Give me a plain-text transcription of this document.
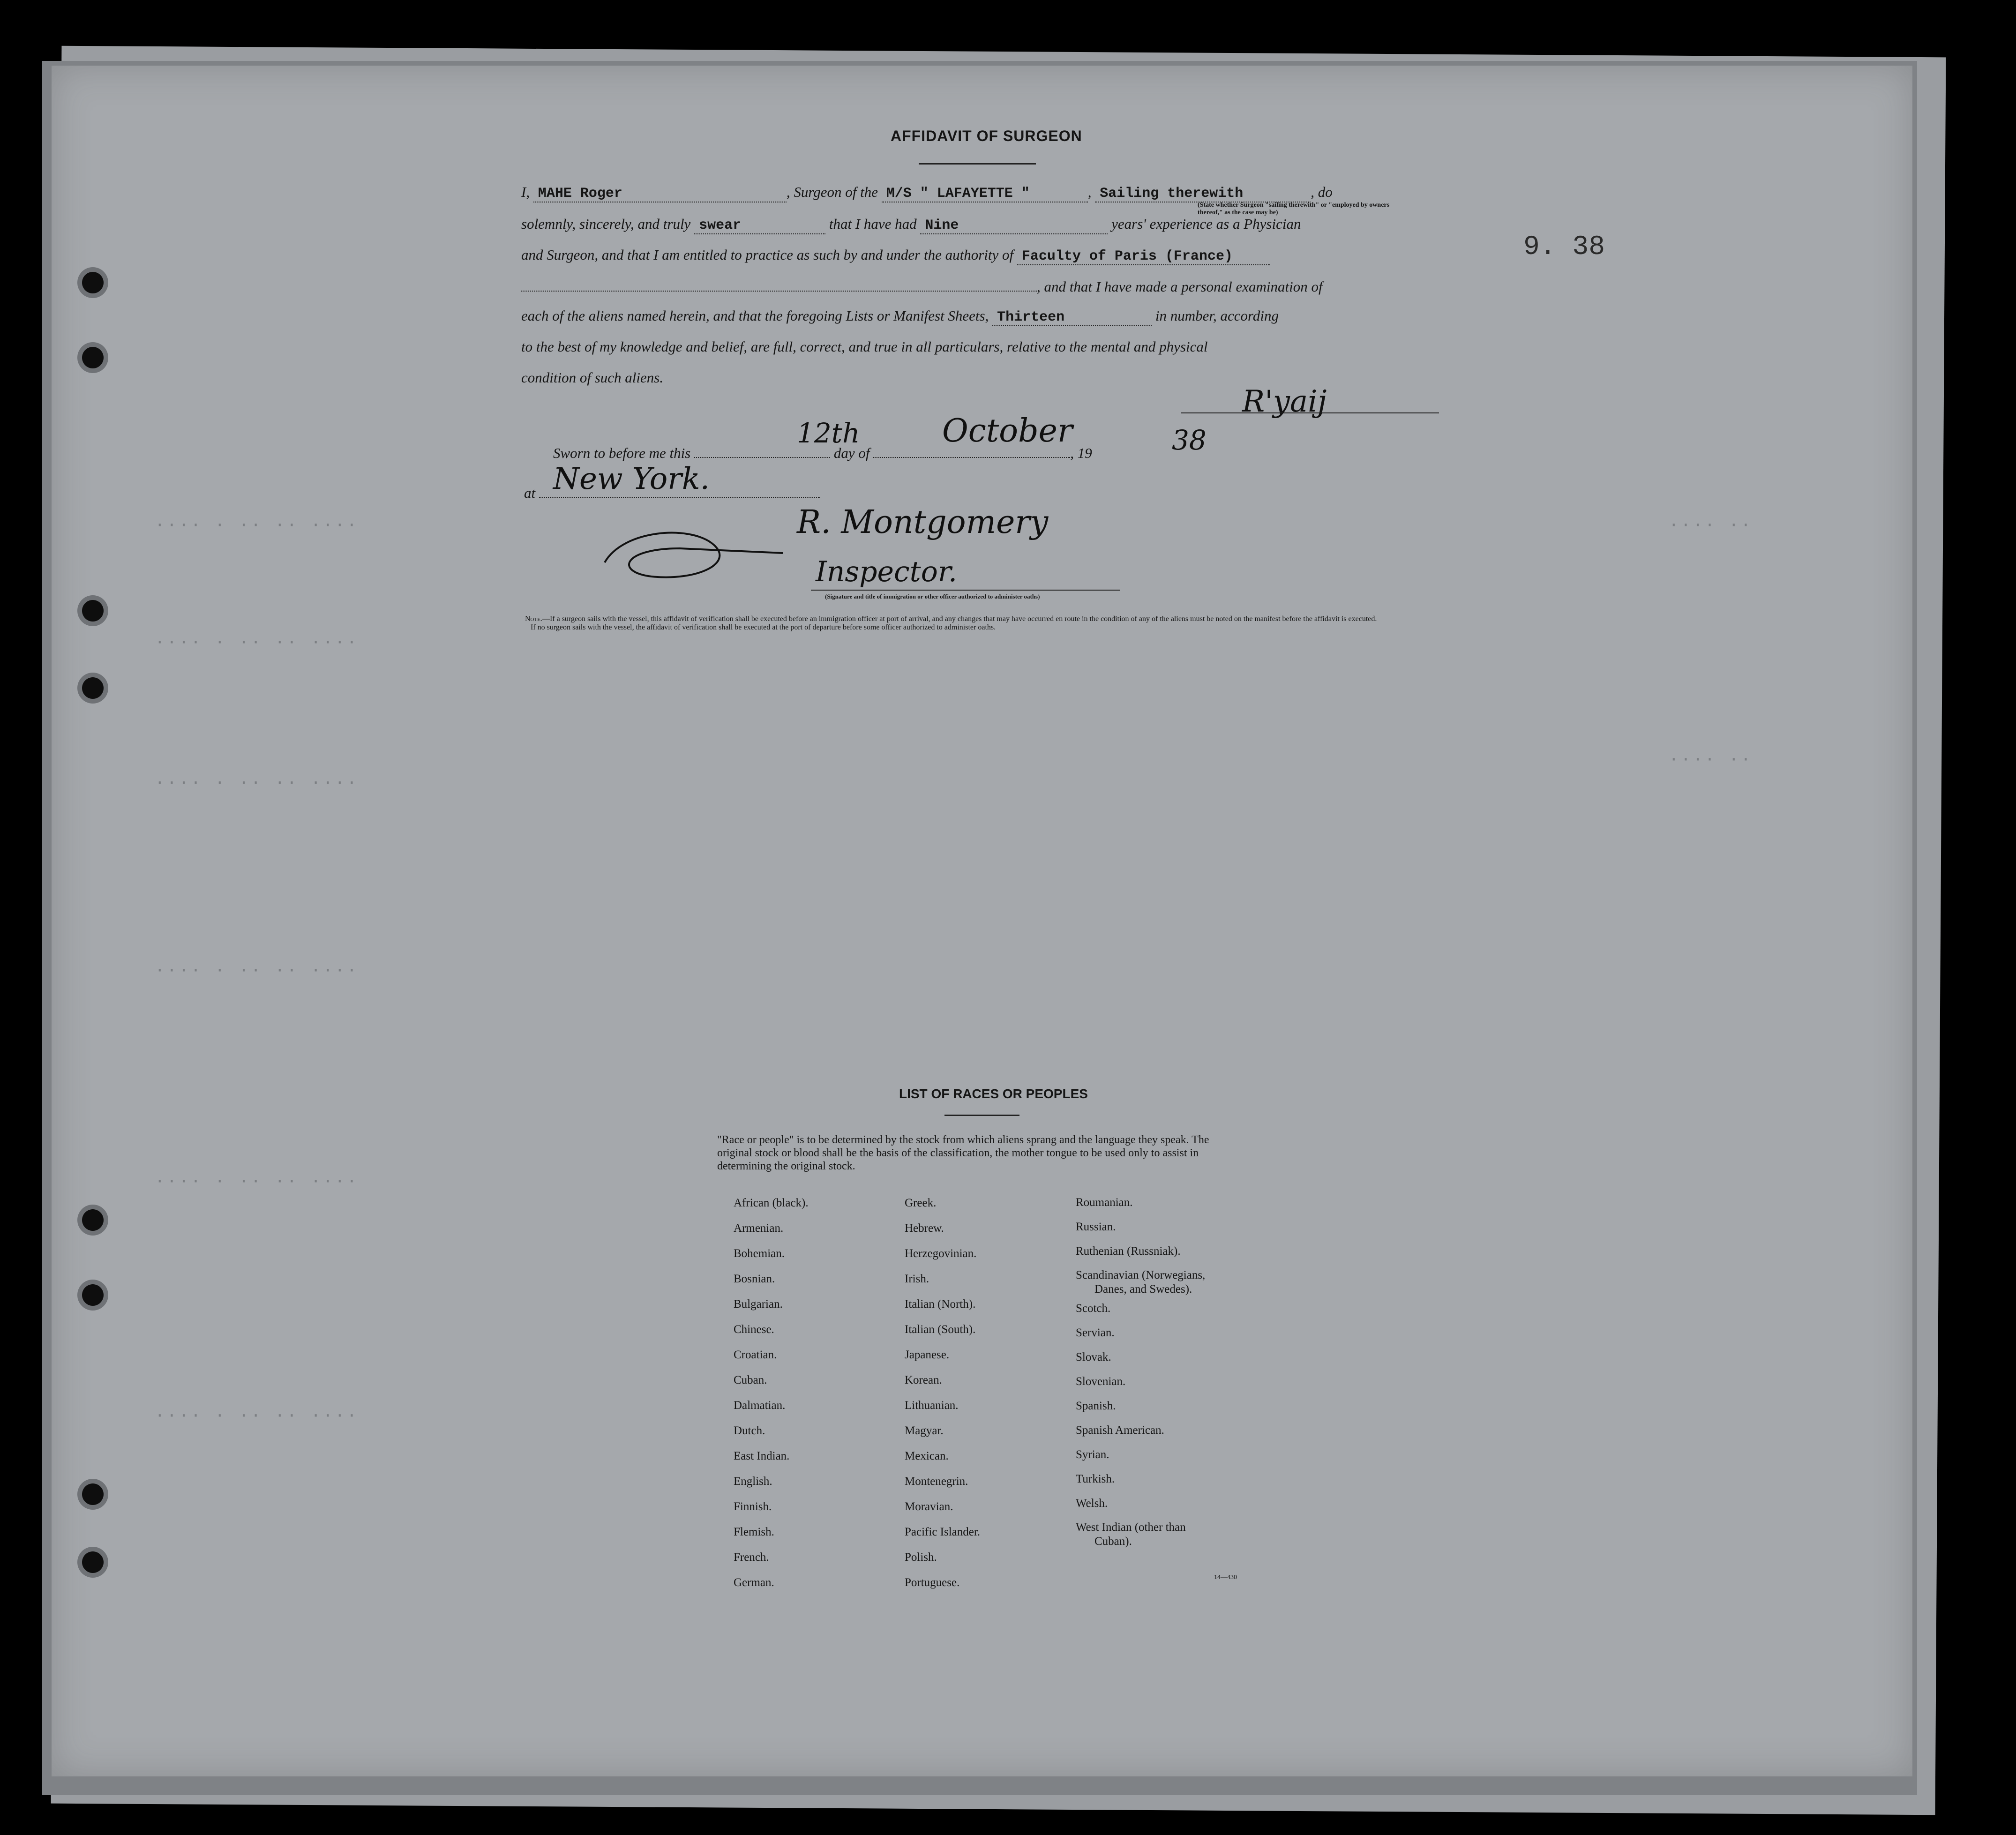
···· · ·· ·· ····
···· · ·· ·· ····
···· · ·· ·· ····
···· · ·· ·· ····
···· · ·· ·· ····
···· · ·· ·· ····
···· ··
···· ··
9. 38
AFFIDAVIT OF SURGEON
I, MAHE Roger	, Surgeon of the M/S " LAFAYETTE "	, Sailing therewith	, do
(State whether Surgeon "sailing therewith" or "employed by owners thereof," as the case may be)
solemnly, sincerely, and truly swear	that I have had Nine	years' experience as a Physician
and Surgeon, and that I am entitled to practice as such by and under the authority of Faculty of Paris (France)
, and that I have made a personal examination of
each of the aliens named herein, and that the foregoing Lists or Manifest Sheets, Thirteen	in number, according
to the best of my knowledge and belief, are full, correct, and true in all particulars, relative to the mental and physical
condition of such aliens.
R'yaij
Sworn to before me this	day of	, 19
12th	October	38
at New York.
R. Montgomery
Inspector.
(Signature and title of immigration or other officer authorized to administer oaths)
Note.—If a surgeon sails with the vessel, this affidavit of verification shall be executed before an immigration officer at port of arrival, and any changes that may have occurred en route in the condition of any of the aliens must be noted on the manifest before the affidavit is executed.
If no surgeon sails with the vessel, the affidavit of verification shall be executed at the port of departure before some officer authorized to administer oaths.
LIST OF RACES OR PEOPLES
"Race or people" is to be determined by the stock from which aliens sprang and the language they speak. The original stock or blood shall be the basis of the classification, the mother tongue to be used only to assist in determining the original stock.
African (black).
Armenian.
Bohemian.
Bosnian.
Bulgarian.
Chinese.
Croatian.
Cuban.
Dalmatian.
Dutch.
East Indian.
English.
Finnish.
Flemish.
French.
German.
Greek.
Hebrew.
Herzegovinian.
Irish.
Italian (North).
Italian (South).
Japanese.
Korean.
Lithuanian.
Magyar.
Mexican.
Montenegrin.
Moravian.
Pacific Islander.
Polish.
Portuguese.
Roumanian.
Russian.
Ruthenian (Russniak).
Scandinavian (Norwegians,
Danes, and Swedes).
Scotch.
Servian.
Slovak.
Slovenian.
Spanish.
Spanish American.
Syrian.
Turkish.
Welsh.
West Indian (other than
Cuban).
14—430
